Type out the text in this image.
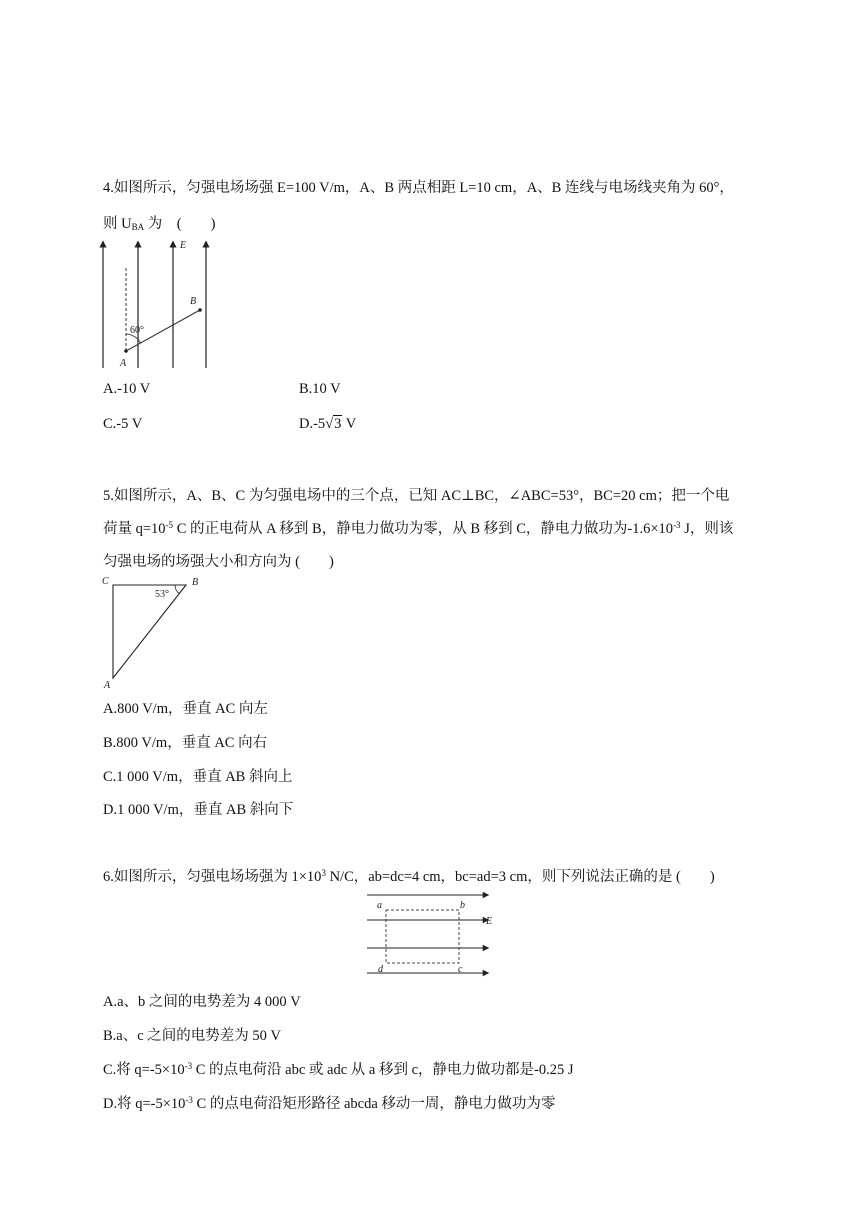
4.如图所示，匀强电场场强 E=100 V/m，A、B 两点相距 L=10 cm，A、B 连线与电场线夹角为 60°，
则 $U_{BA}$ 为　(　　)
E
A
B
60°
A.-10 V	B.10 V
C.-5 V	D.-5√3 V
5.如图所示，A、B、C 为匀强电场中的三个点，已知 AC⊥BC，∠ABC=53°，BC=20 cm；把一个电
荷量 $q=10^{-5}$ C 的正电荷从 A 移到 B，静电力做功为零，从 B 移到 C，静电力做功为$-1.6\times 10^{-3}$ J，则该
匀强电场的场强大小和方向为 (　　)
C	B
A
53°
A.800 V/m，垂直 AC 向左
B.800 V/m，垂直 AC 向右
C.1 000 V/m，垂直 AB 斜向上
D.1 000 V/m，垂直 AB 斜向下
6.如图所示，匀强电场场强为 $1\times 10^3$ N/C，ab=dc=4 cm，bc=ad=3 cm，则下列说法正确的是 (　　)
a	b
d	c
E
A.a、b 之间的电势差为 4 000 V
B.a、c 之间的电势差为 50 V
C.将 $q=-5\times 10^{-3}$ C 的点电荷沿 abc 或 adc 从 a 移到 c，静电力做功都是-0.25 J
D.将 $q=-5\times 10^{-3}$ C 的点电荷沿矩形路径 abcda 移动一周，静电力做功为零
